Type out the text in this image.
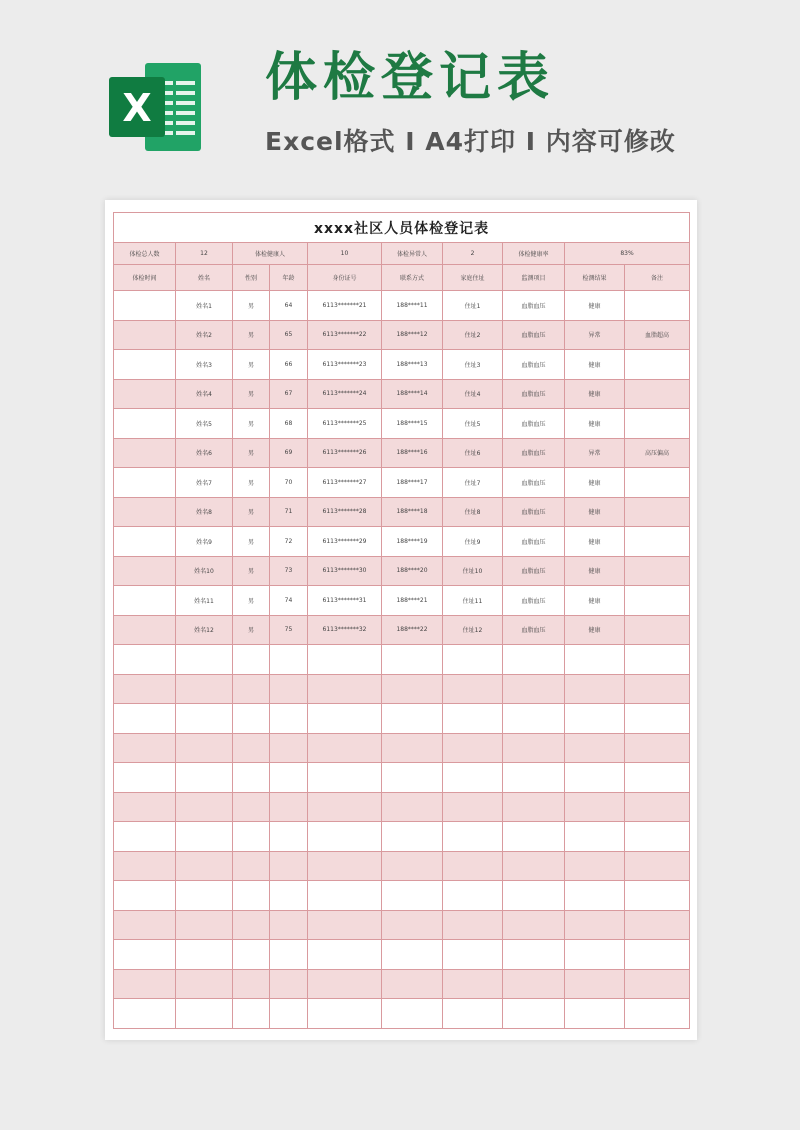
X 体检登记表
Excel格式 I A4打印 I 内容可修改
xxxx社区人员体检登记表									
体检总人数	12	体检健康人		10	体检异常人	2	体检健康率	83%	
体检时间	姓名	性别	年龄	身份证号	联系方式	家庭住址	监测项目	检测结果	备注
	姓名1	男	64	6113*******21	188****11	住址1	血脂血压	健康	
	姓名2	男	65	6113*******22	188****12	住址2	血脂血压	异常	血脂超高
	姓名3	男	66	6113*******23	188****13	住址3	血脂血压	健康	
	姓名4	男	67	6113*******24	188****14	住址4	血脂血压	健康	
	姓名5	男	68	6113*******25	188****15	住址5	血脂血压	健康	
	姓名6	男	69	6113*******26	188****16	住址6	血脂血压	异常	高压偏高
	姓名7	男	70	6113*******27	188****17	住址7	血脂血压	健康	
	姓名8	男	71	6113*******28	188****18	住址8	血脂血压	健康	
	姓名9	男	72	6113*******29	188****19	住址9	血脂血压	健康	
	姓名10	男	73	6113*******30	188****20	住址10	血脂血压	健康	
	姓名11	男	74	6113*******31	188****21	住址11	血脂血压	健康	
	姓名12	男	75	6113*******32	188****22	住址12	血脂血压	健康	
